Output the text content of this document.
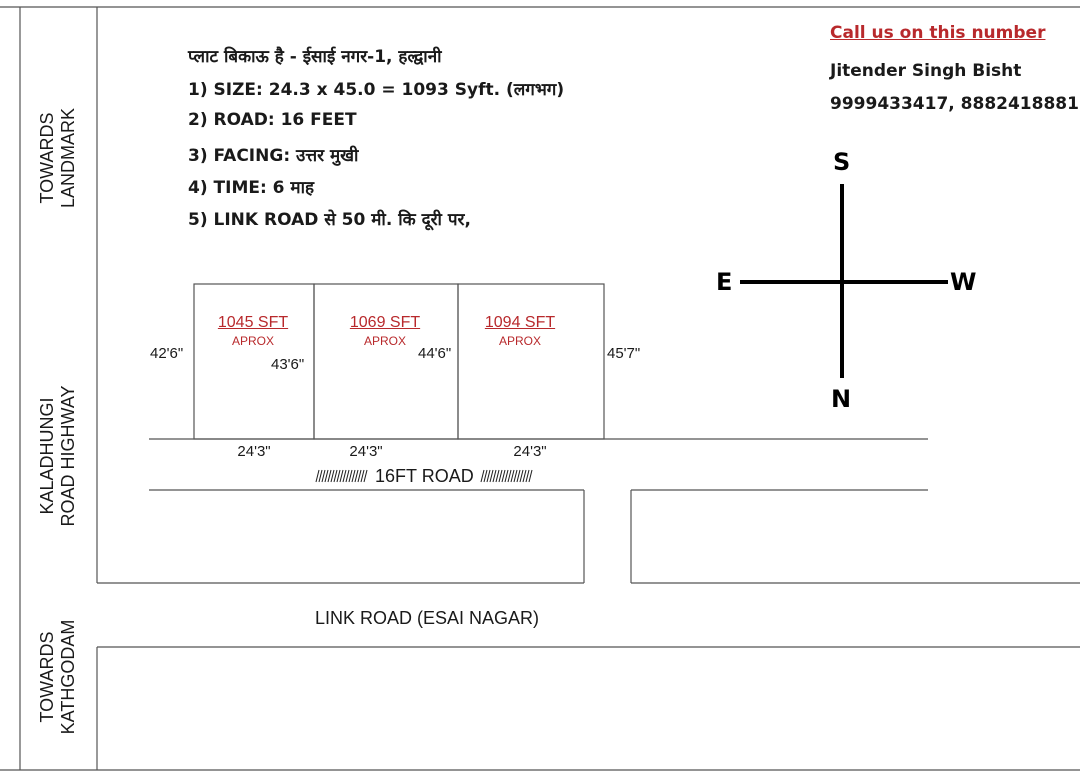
प्लाट बिकाऊ है - ईसाई नगर-1, हल्द्वानी
1) SIZE: 24.3 x 45.0 = 1093 Syft. (लगभग)
2) ROAD: 16 FEET
3) FACING: उत्तर मुखी
4) TIME: 6 माह
5) LINK ROAD से 50 मी. कि दूरी पर,
Call us on this number
Jitender Singh Bisht
9999433417, 8882418881
S
N
E	W
TOWARDS LANDMARK
KALADHUNGI ROAD HIGHWAY
TOWARDS KATHGODAM
1045 SFT
APROX
1069 SFT
APROX
1094 SFT
APROX
42'6"
43'6"
44'6"	45'7"
24'3"	24'3"	24'3"
16FT ROAD
LINK ROAD (ESAI NAGAR)
